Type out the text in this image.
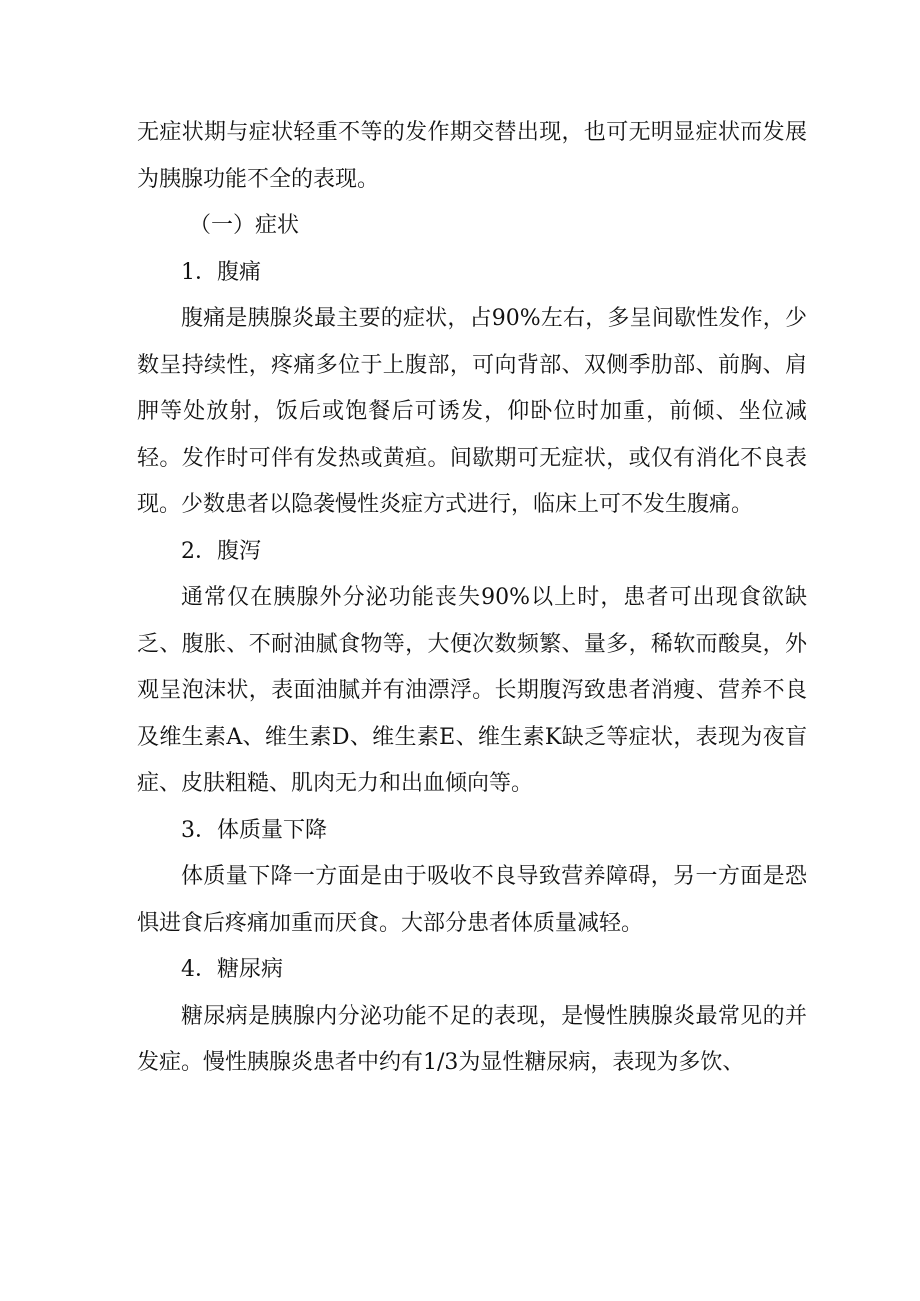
无症状期与症状轻重不等的发作期交替出现，也可无明显症状而发展为胰腺功能不全的表现。

（一）症状

1．腹痛

腹痛是胰腺炎最主要的症状，占90%左右，多呈间歇性发作，少数呈持续性，疼痛多位于上腹部，可向背部、双侧季肋部、前胸、肩胛等处放射，饭后或饱餐后可诱发，仰卧位时加重，前倾、坐位减轻。发作时可伴有发热或黄疸。间歇期可无症状，或仅有消化不良表现。少数患者以隐袭慢性炎症方式进行，临床上可不发生腹痛。

2．腹泻

通常仅在胰腺外分泌功能丧失90%以上时，患者可出现食欲缺乏、腹胀、不耐油腻食物等，大便次数频繁、量多，稀软而酸臭，外观呈泡沫状，表面油腻并有油漂浮。长期腹泻致患者消瘦、营养不良及维生素A、维生素D、维生素E、维生素K缺乏等症状，表现为夜盲症、皮肤粗糙、肌肉无力和出血倾向等。

3．体质量下降

体质量下降一方面是由于吸收不良导致营养障碍，另一方面是恐惧进食后疼痛加重而厌食。大部分患者体质量减轻。

4．糖尿病

糖尿病是胰腺内分泌功能不足的表现，是慢性胰腺炎最常见的并发症。慢性胰腺炎患者中约有1/3为显性糖尿病，表现为多饮、
